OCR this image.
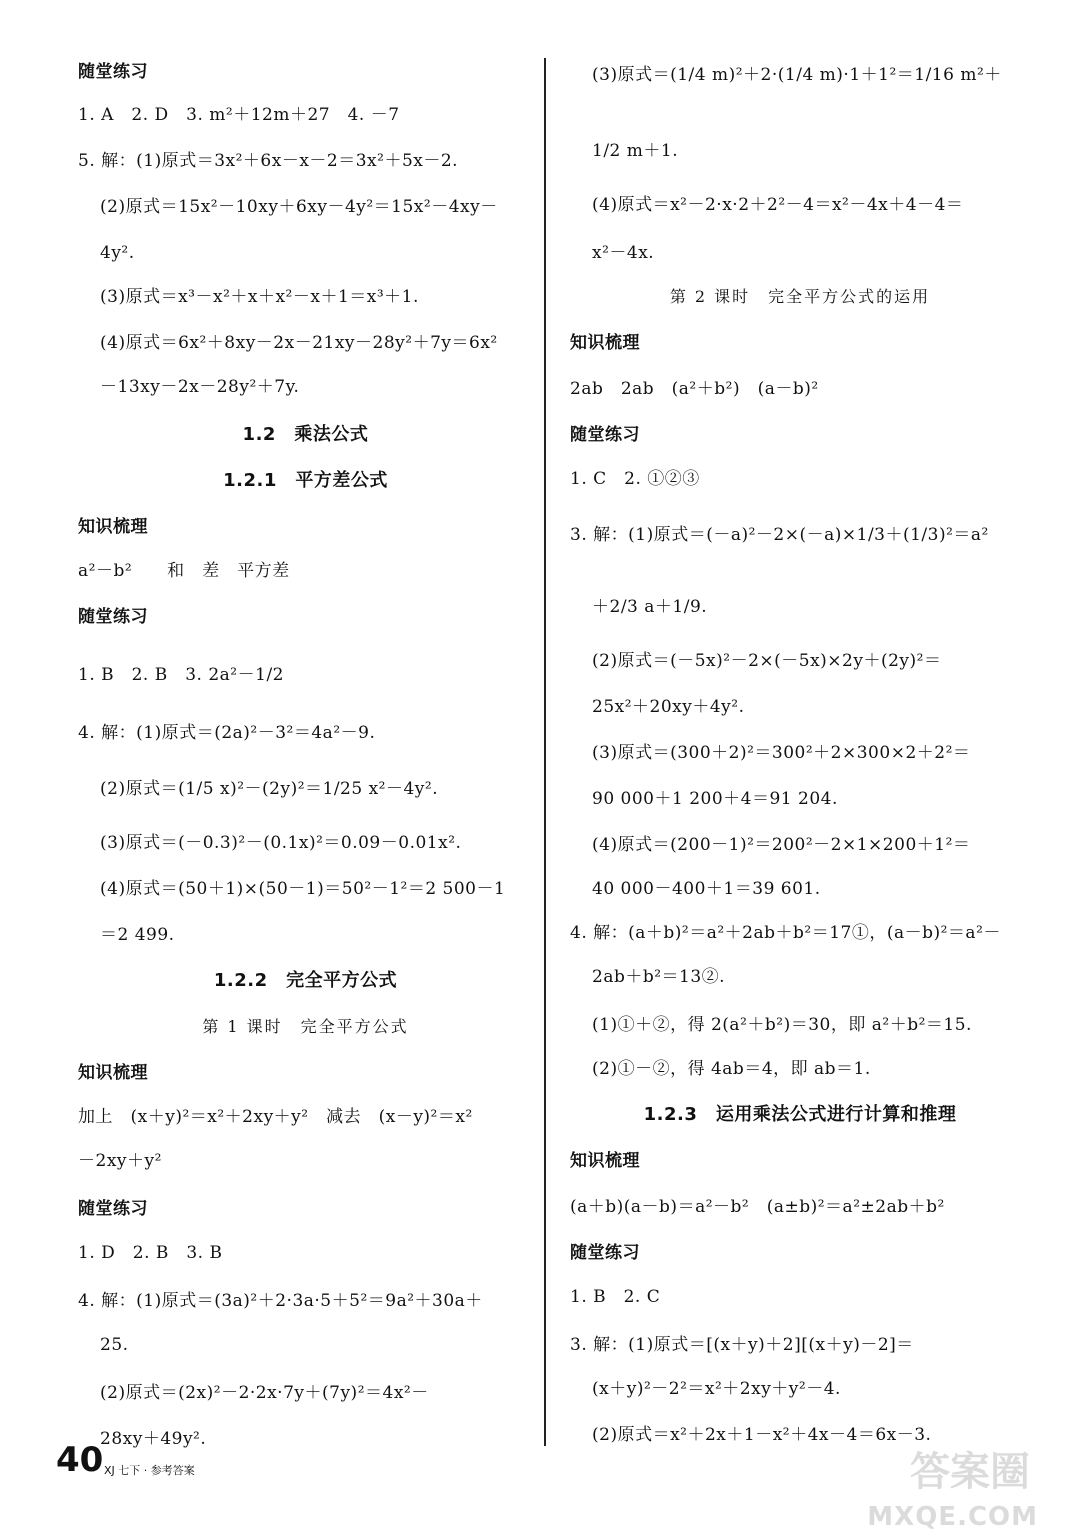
随堂练习
1. A　2. D　3. m²＋12m＋27　4. －7
5. 解：(1)原式＝3x²＋6x－x－2＝3x²＋5x－2.
(2)原式＝15x²－10xy＋6xy－4y²＝15x²－4xy－
4y².
(3)原式＝x³－x²＋x＋x²－x＋1＝x³＋1.
(4)原式＝6x²＋8xy－2x－21xy－28y²＋7y＝6x²
－13xy－2x－28y²＋7y.
1.2　乘法公式
1.2.1　平方差公式
知识梳理
a²－b²　　和　差　平方差
随堂练习
1. B　2. B　3. 2a²－1/2
4. 解：(1)原式＝(2a)²－3²＝4a²－9.
(2)原式＝(1/5 x)²－(2y)²＝1/25 x²－4y².
(3)原式＝(－0.3)²－(0.1x)²＝0.09－0.01x².
(4)原式＝(50＋1)×(50－1)＝50²－1²＝2 500－1
＝2 499.
1.2.2　完全平方公式
第 1 课时　完全平方公式
知识梳理
加上　(x＋y)²＝x²＋2xy＋y²　减去　(x－y)²＝x²
－2xy＋y²
随堂练习
1. D　2. B　3. B
4. 解：(1)原式＝(3a)²＋2·3a·5＋5²＝9a²＋30a＋
25.
(2)原式＝(2x)²－2·2x·7y＋(7y)²＝4x²－
28xy＋49y².
(3)原式＝(1/4 m)²＋2·(1/4 m)·1＋1²＝1/16 m²＋
1/2 m＋1.
(4)原式＝x²－2·x·2＋2²－4＝x²－4x＋4－4＝
x²－4x.
第 2 课时　完全平方公式的运用
知识梳理
2ab　2ab　(a²＋b²)　(a－b)²
随堂练习
1. C　2. ①②③
3. 解：(1)原式＝(－a)²－2×(－a)×1/3＋(1/3)²＝a²
＋2/3 a＋1/9.
(2)原式＝(－5x)²－2×(－5x)×2y＋(2y)²＝
25x²＋20xy＋4y².
(3)原式＝(300＋2)²＝300²＋2×300×2＋2²＝
90 000＋1 200＋4＝91 204.
(4)原式＝(200－1)²＝200²－2×1×200＋1²＝
40 000－400＋1＝39 601.
4. 解：(a＋b)²＝a²＋2ab＋b²＝17①，(a－b)²＝a²－
2ab＋b²＝13②.
(1)①＋②，得 2(a²＋b²)＝30，即 a²＋b²＝15.
(2)①－②，得 4ab＝4，即 ab＝1.
1.2.3　运用乘法公式进行计算和推理
知识梳理
(a＋b)(a－b)＝a²－b²　(a±b)²＝a²±2ab＋b²
随堂练习
1. B　2. C
3. 解：(1)原式＝[(x＋y)＋2][(x＋y)－2]＝
(x＋y)²－2²＝x²＋2xy＋y²－4.
(2)原式＝x²＋2x＋1－x²＋4x－4＝6x－3.
40 XJ 七下 · 参考答案	答案圈
MXQE.COM
